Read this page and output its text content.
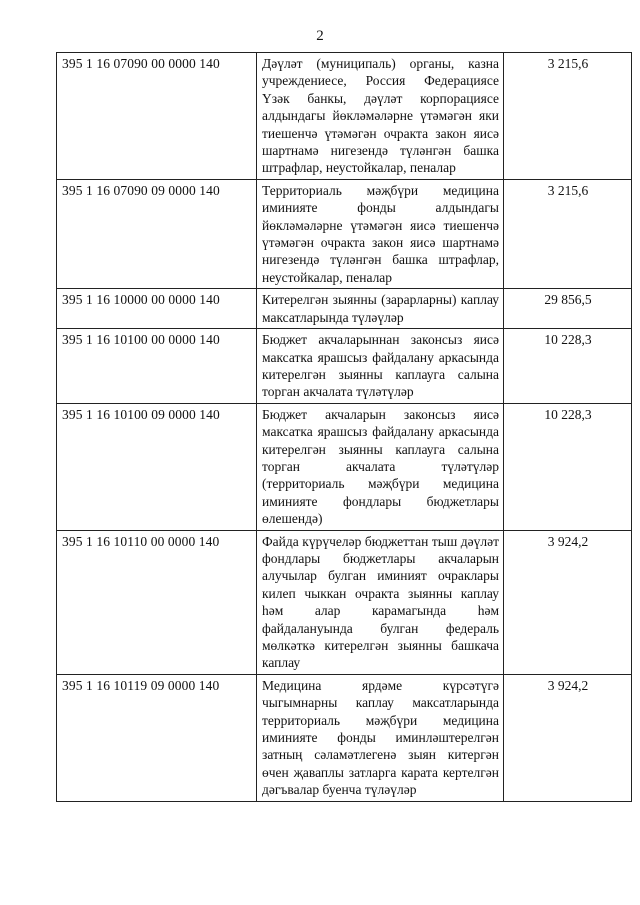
2
395 1 16 07090 00 0000 140	Дәүләт (муниципаль) органы, казна учреждениесе, Россия Федерациясе Үзәк банкы, дәүләт корпорациясе алдындагы йөкләмәләрне үтәмәгән яки тиешенчә үтәмәгән очракта закон яисә шартнамә нигезендә түләнгән башка штрафлар, неустойкалар, пеналар	3 215,6
395 1 16 07090 09 0000 140	Территориаль мәҗбүри медицина иминияте фонды алдындагы йөкләмәләрне үтәмәгән яисә тиешенчә үтәмәгән очракта закон яисә шартнамә нигезендә түләнгән башка штрафлар, неустойкалар, пеналар	3 215,6
395 1 16 10000 00 0000 140	Китерелгән зыянны (зарарларны) каплау максатларында түләүләр	29 856,5
395 1 16 10100 00 0000 140	Бюджет акчаларыннан законсыз яисә максатка ярашсыз файдалану аркасында китерелгән зыянны каплауга салына торган акчалата түләтүләр	10 228,3
395 1 16 10100 09 0000 140	Бюджет акчаларын законсыз яисә максатка ярашсыз файдалану аркасында китерелгән зыянны каплауга салына торган акчалата түләтүләр (территориаль мәҗбүри медицина иминияте фондлары бюджетлары өлешендә)	10 228,3
395 1 16 10110 00 0000 140	Файда күрүчеләр бюджеттан тыш дәүләт фондлары бюджетлары акчаларын алучылар булган иминият очраклары килеп чыккан очракта зыянны каплау һәм алар карамагында һәм файдалануында булган федераль мөлкәткә китерелгән зыянны башкача каплау	3 924,2
395 1 16 10119 09 0000 140	Медицина ярдәме күрсәтүгә чыгымнарны каплау максатларында территориаль мәҗбүри медицина иминияте фонды иминләштерелгән затның сәламәтлегенә зыян китергән өчен җаваплы затларга карата кертелгән дәгъвалар буенча түләүләр	3 924,2
